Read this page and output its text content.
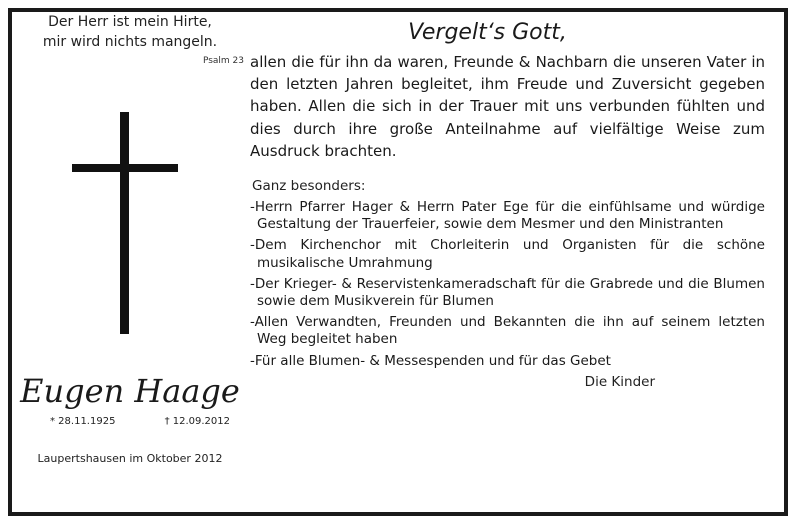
Der Herr ist mein Hirte,
mir wird nichts mangeln.
Psalm 23
Eugen Haage
* 28.11.1925	† 12.09.2012
Laupertshausen im Oktober 2012
Vergelt‘s Gott,

allen die für ihn da waren, Freunde & Nachbarn die unseren Vater in den letzten Jahren begleitet, ihm Freude und Zuversicht gegeben haben. Allen die sich in der Trauer mit uns verbunden fühlten und dies durch ihre große Anteilnahme auf vielfältige Weise zum Ausdruck brachten.

Ganz besonders:
-Herrn Pfarrer Hager & Herrn Pater Ege für die einfühlsame und würdige Gestaltung der Trauerfeier, sowie dem Mesmer und den Ministranten
-Dem Kirchenchor mit Chorleiterin und Organisten für die schöne musikalische Umrahmung
-Der Krieger- & Reservistenkameradschaft für die Grabrede und die Blumen sowie dem Musikverein für Blumen
-Allen Verwandten, Freunden und Bekannten die ihn auf seinem letzten Weg begleitet haben
-Für alle Blumen- & Messespenden und für das Gebet
Die Kinder
